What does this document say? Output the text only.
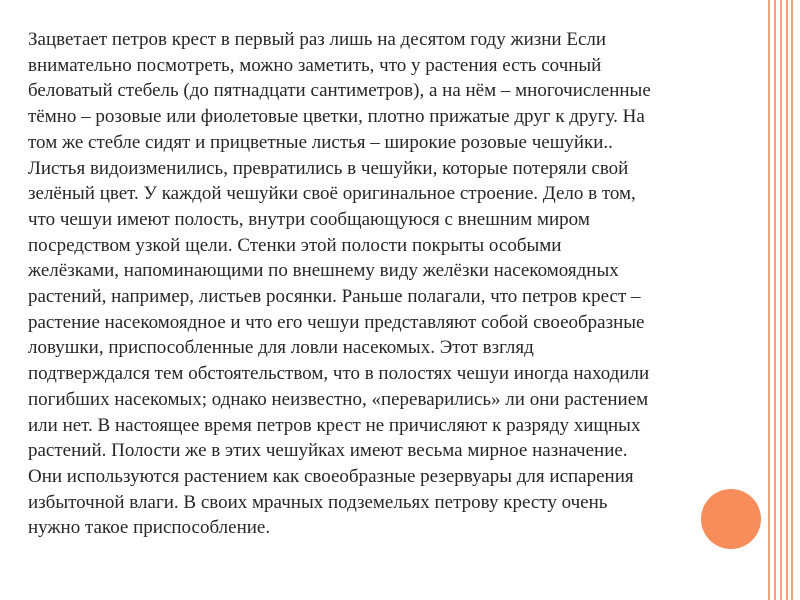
Зацветает петров крест в первый раз лишь на десятом году жизни Если
внимательно посмотреть, можно заметить, что у растения есть сочный
беловатый стебель (до пятнадцати сантиметров), а на нём – многочисленные
тёмно – розовые или фиолетовые цветки, плотно прижатые друг к другу. На
том же стебле сидят и прицветные листья – широкие розовые чешуйки..
Листья видоизменились, превратились в чешуйки, которые потеряли свой
зелёный цвет. У каждой чешуйки своё оригинальное строение. Дело в том,
что чешуи имеют полость, внутри сообщающуюся с внешним миром
посредством узкой щели. Стенки этой полости покрыты особыми
желёзками, напоминающими по внешнему виду желёзки насекомоядных
растений, например, листьев росянки. Раньше полагали, что петров крест –
растение насекомоядное и что его чешуи представляют собой своеобразные
ловушки, приспособленные для ловли насекомых. Этот взгляд
подтверждался тем обстоятельством, что в полостях чешуи иногда находили
погибших насекомых; однако неизвестно, «переварились» ли они растением
или нет. В настоящее время петров крест не причисляют к разряду хищных
растений. Полости же в этих чешуйках имеют весьма мирное назначение.
Они используются растением как своеобразные резервуары для испарения
избыточной влаги. В своих мрачных подземельях петрову кресту очень
нужно такое приспособление.
